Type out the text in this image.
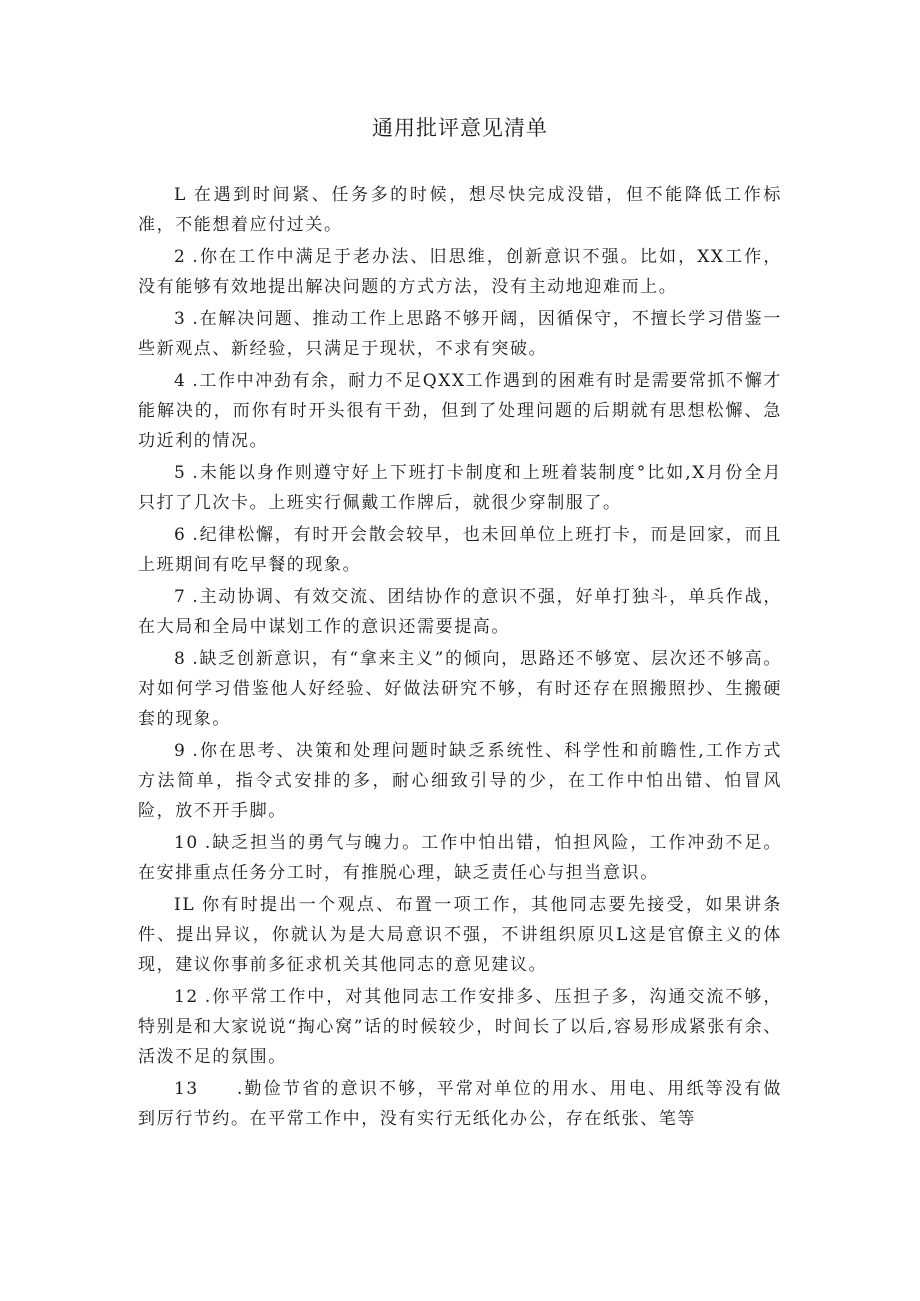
通用批评意见清单

L 在遇到时间紧、任务多的时候，想尽快完成没错，但不能降低工作标准，不能想着应付过关。

2 .你在工作中满足于老办法、旧思维，创新意识不强。比如，XX工作，没有能够有效地提出解决问题的方式方法，没有主动地迎难而上。

3 .在解决问题、推动工作上思路不够开阔，因循保守，不擅长学习借鉴一些新观点、新经验，只满足于现状，不求有突破。

4 .工作中冲劲有余，耐力不足QXX工作遇到的困难有时是需要常抓不懈才能解决的，而你有时开头很有干劲，但到了处理问题的后期就有思想松懈、急功近利的情况。

5 .未能以身作则遵守好上下班打卡制度和上班着装制度°比如,X月份全月只打了几次卡。上班实行佩戴工作牌后，就很少穿制服了。

6 .纪律松懈，有时开会散会较早，也未回单位上班打卡，而是回家，而且上班期间有吃早餐的现象。

7 .主动协调、有效交流、团结协作的意识不强，好单打独斗，单兵作战，在大局和全局中谋划工作的意识还需要提高。

8 .缺乏创新意识，有“拿来主义”的倾向，思路还不够宽、层次还不够高。对如何学习借鉴他人好经验、好做法研究不够，有时还存在照搬照抄、生搬硬套的现象。

9 .你在思考、决策和处理问题时缺乏系统性、科学性和前瞻性,工作方式方法简单，指令式安排的多，耐心细致引导的少，在工作中怕出错、怕冒风险，放不开手脚。

10 .缺乏担当的勇气与魄力。工作中怕出错，怕担风险，工作冲劲不足。在安排重点任务分工时，有推脱心理，缺乏责任心与担当意识。

IL 你有时提出一个观点、布置一项工作，其他同志要先接受，如果讲条件、提出异议，你就认为是大局意识不强，不讲组织原贝L这是官僚主义的体现，建议你事前多征求机关其他同志的意见建议。

12 .你平常工作中，对其他同志工作安排多、压担子多，沟通交流不够，特别是和大家说说“掏心窝”话的时候较少，时间长了以后,容易形成紧张有余、活泼不足的氛围。

13 .勤俭节省的意识不够，平常对单位的用水、用电、用纸等没有做到厉行节约。在平常工作中，没有实行无纸化办公，存在纸张、笔等
